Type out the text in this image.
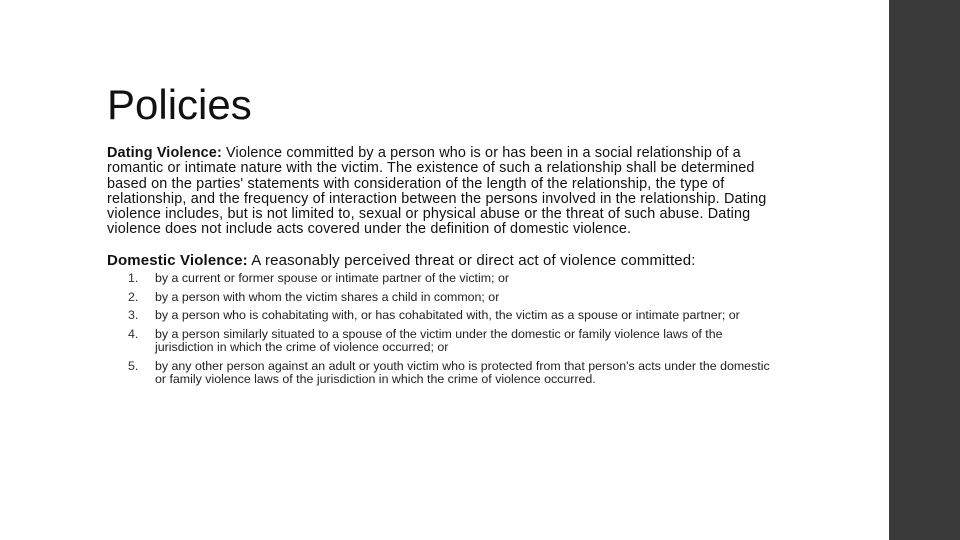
Policies

Dating Violence: Violence committed by a person who is or has been in a social relationship of a romantic or intimate nature with the victim. The existence of such a relationship shall be determined based on the parties' statements with consideration of the length of the relationship, the type of relationship, and the frequency of interaction between the persons involved in the relationship. Dating violence includes, but is not limited to, sexual or physical abuse or the threat of such abuse. Dating violence does not include acts covered under the definition of domestic violence.

Domestic Violence: A reasonably perceived threat or direct act of violence committed:

1. by a current or former spouse or intimate partner of the victim; or
2. by a person with whom the victim shares a child in common; or
3. by a person who is cohabitating with, or has cohabitated with, the victim as a spouse or intimate partner; or
4. by a person similarly situated to a spouse of the victim under the domestic or family violence laws of the jurisdiction in which the crime of violence occurred; or
5. by any other person against an adult or youth victim who is protected from that person's acts under the domestic or family violence laws of the jurisdiction in which the crime of violence occurred.
